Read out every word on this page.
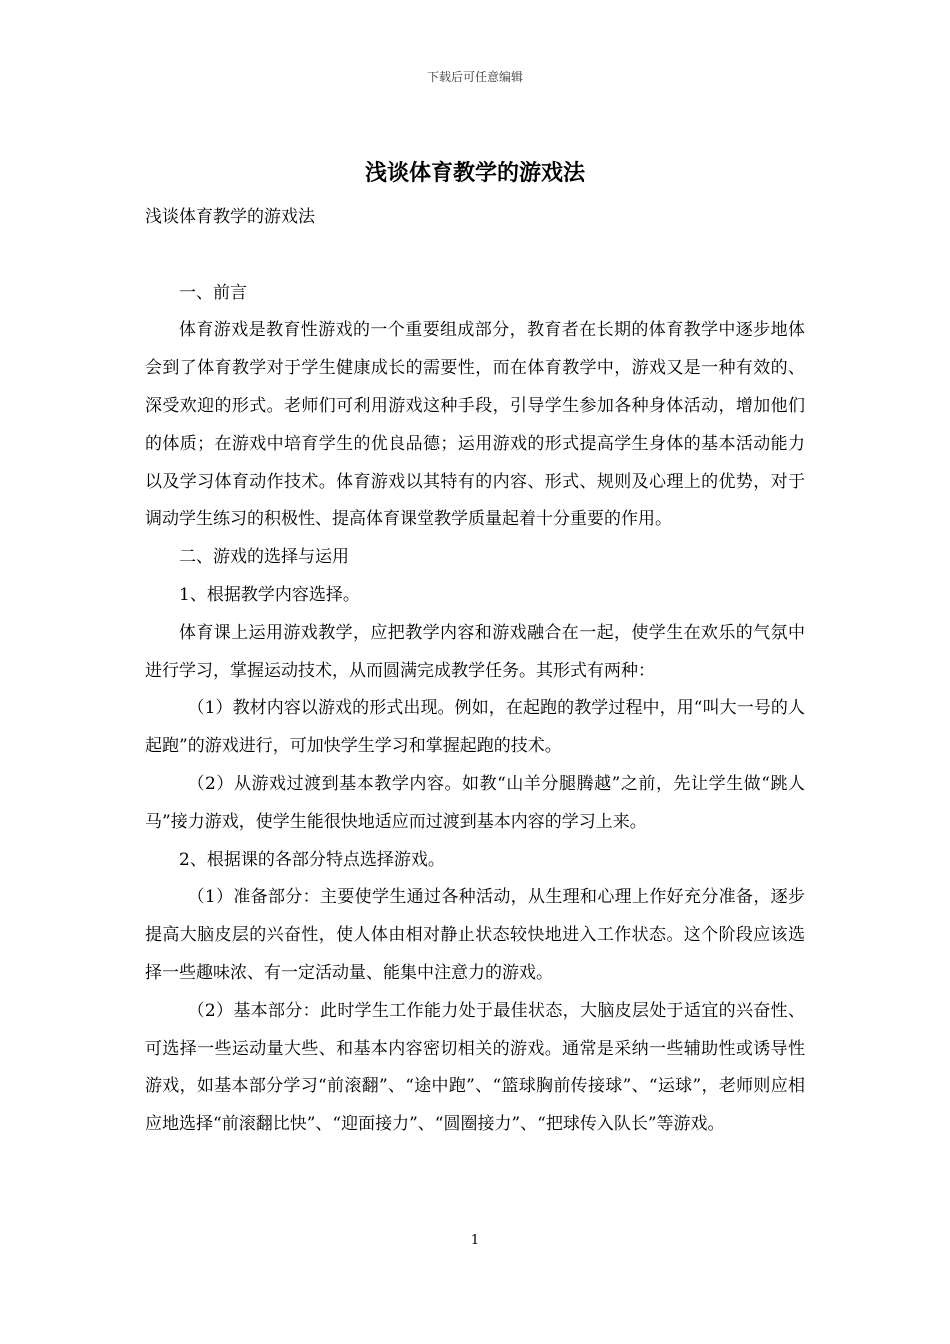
下载后可任意编辑
浅谈体育教学的游戏法

浅谈体育教学的游戏法

一、前言

体育游戏是教育性游戏的一个重要组成部分，教育者在长期的体育教学中逐步地体会到了体育教学对于学生健康成长的需要性，而在体育教学中，游戏又是一种有效的、深受欢迎的形式。老师们可利用游戏这种手段，引导学生参加各种身体活动，增加他们的体质；在游戏中培育学生的优良品德；运用游戏的形式提高学生身体的基本活动能力以及学习体育动作技术。体育游戏以其特有的内容、形式、规则及心理上的优势，对于调动学生练习的积极性、提高体育课堂教学质量起着十分重要的作用。

二、游戏的选择与运用

1、根据教学内容选择。

体育课上运用游戏教学，应把教学内容和游戏融合在一起，使学生在欢乐的气氛中进行学习，掌握运动技术，从而圆满完成教学任务。其形式有两种：

（1）教材内容以游戏的形式出现。例如，在起跑的教学过程中，用“叫大一号的人起跑”的游戏进行，可加快学生学习和掌握起跑的技术。

（2）从游戏过渡到基本教学内容。如教“山羊分腿腾越”之前，先让学生做“跳人马”接力游戏，使学生能很快地适应而过渡到基本内容的学习上来。

2、根据课的各部分特点选择游戏。

（1）准备部分：主要使学生通过各种活动，从生理和心理上作好充分准备，逐步提高大脑皮层的兴奋性，使人体由相对静止状态较快地进入工作状态。这个阶段应该选择一些趣味浓、有一定活动量、能集中注意力的游戏。

（2）基本部分：此时学生工作能力处于最佳状态，大脑皮层处于适宜的兴奋性、可选择一些运动量大些、和基本内容密切相关的游戏。通常是采纳一些辅助性或诱导性游戏，如基本部分学习“前滚翻”、“途中跑”、“篮球胸前传接球”、“运球”，老师则应相应地选择“前滚翻比快”、“迎面接力”、“圆圈接力”、“把球传入队长”等游戏。

1
